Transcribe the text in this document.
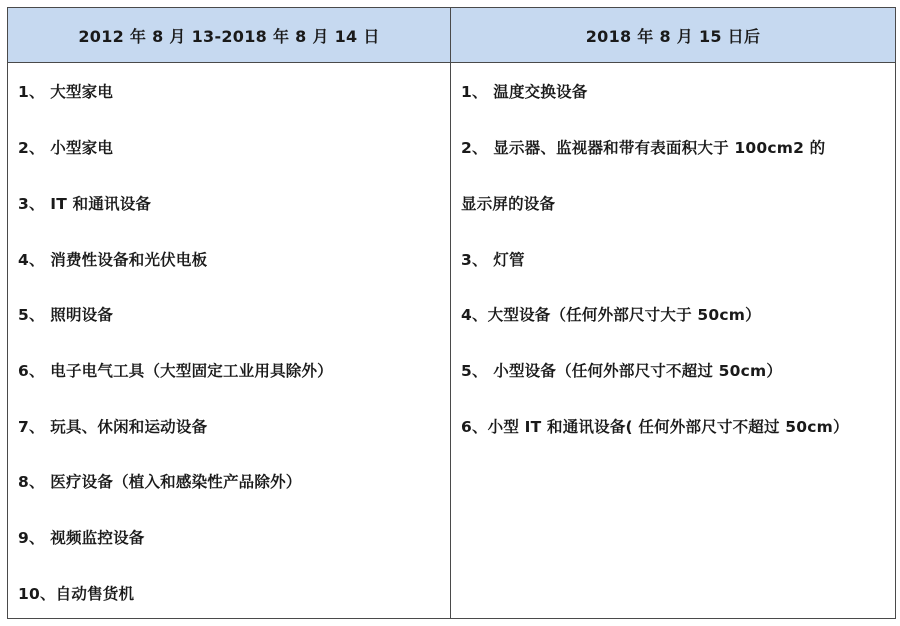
2012 年 8 月 13-2018 年 8 月 14 日	2018 年 8 月 15 日后
1、 大型家电
2、 小型家电
3、 IT 和通讯设备
4、 消费性设备和光伏电板
5、 照明设备
6、 电子电气工具（大型固定工业用具除外）
7、 玩具、休闲和运动设备
8、 医疗设备（植入和感染性产品除外）
9、 视频监控设备
10、自动售货机
1、 温度交换设备
2、 显示器、监视器和带有表面积大于 100cm2 的
显示屏的设备
3、 灯管
4、大型设备（任何外部尺寸大于 50cm）
5、 小型设备（任何外部尺寸不超过 50cm）
6、小型 IT 和通讯设备( 任何外部尺寸不超过 50cm）
